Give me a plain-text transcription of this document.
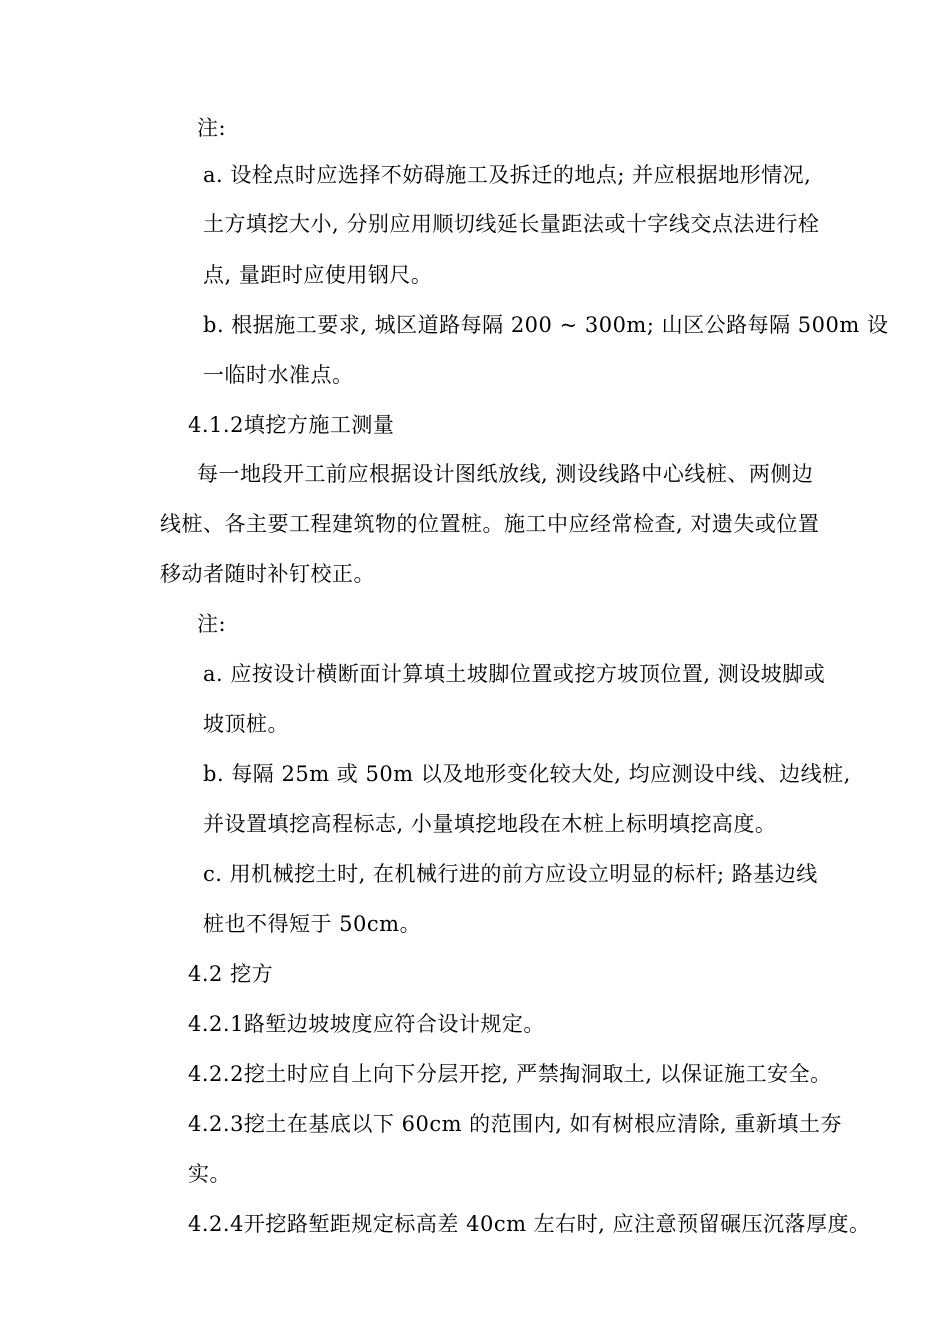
注:
a. 设栓点时应选择不妨碍施工及拆迁的地点; 并应根据地形情况,
土方填挖大小, 分别应用顺切线延长量距法或十字线交点法进行栓
点, 量距时应使用钢尺。
b. 根据施工要求, 城区道路每隔 200 ~ 300m; 山区公路每隔 500m 设
一临时水准点。
4.1.2填挖方施工测量
每一地段开工前应根据设计图纸放线, 测设线路中心线桩、两侧边
线桩、各主要工程建筑物的位置桩。施工中应经常检查, 对遗失或位置
移动者随时补钉校正。
注:
a. 应按设计横断面计算填土坡脚位置或挖方坡顶位置, 测设坡脚或
坡顶桩。
b. 每隔 25m 或 50m 以及地形变化较大处, 均应测设中线、边线桩,
并设置填挖高程标志, 小量填挖地段在木桩上标明填挖高度。
c. 用机械挖土时, 在机械行进的前方应设立明显的标杆; 路基边线
桩也不得短于 50cm。
4.2 挖方
4.2.1路堑边坡坡度应符合设计规定。
4.2.2挖土时应自上向下分层开挖, 严禁掏洞取土, 以保证施工安全。
4.2.3挖土在基底以下 60cm 的范围内, 如有树根应清除, 重新填土夯
实。
4.2.4开挖路堑距规定标高差 40cm 左右时, 应注意预留碾压沉落厚度。
